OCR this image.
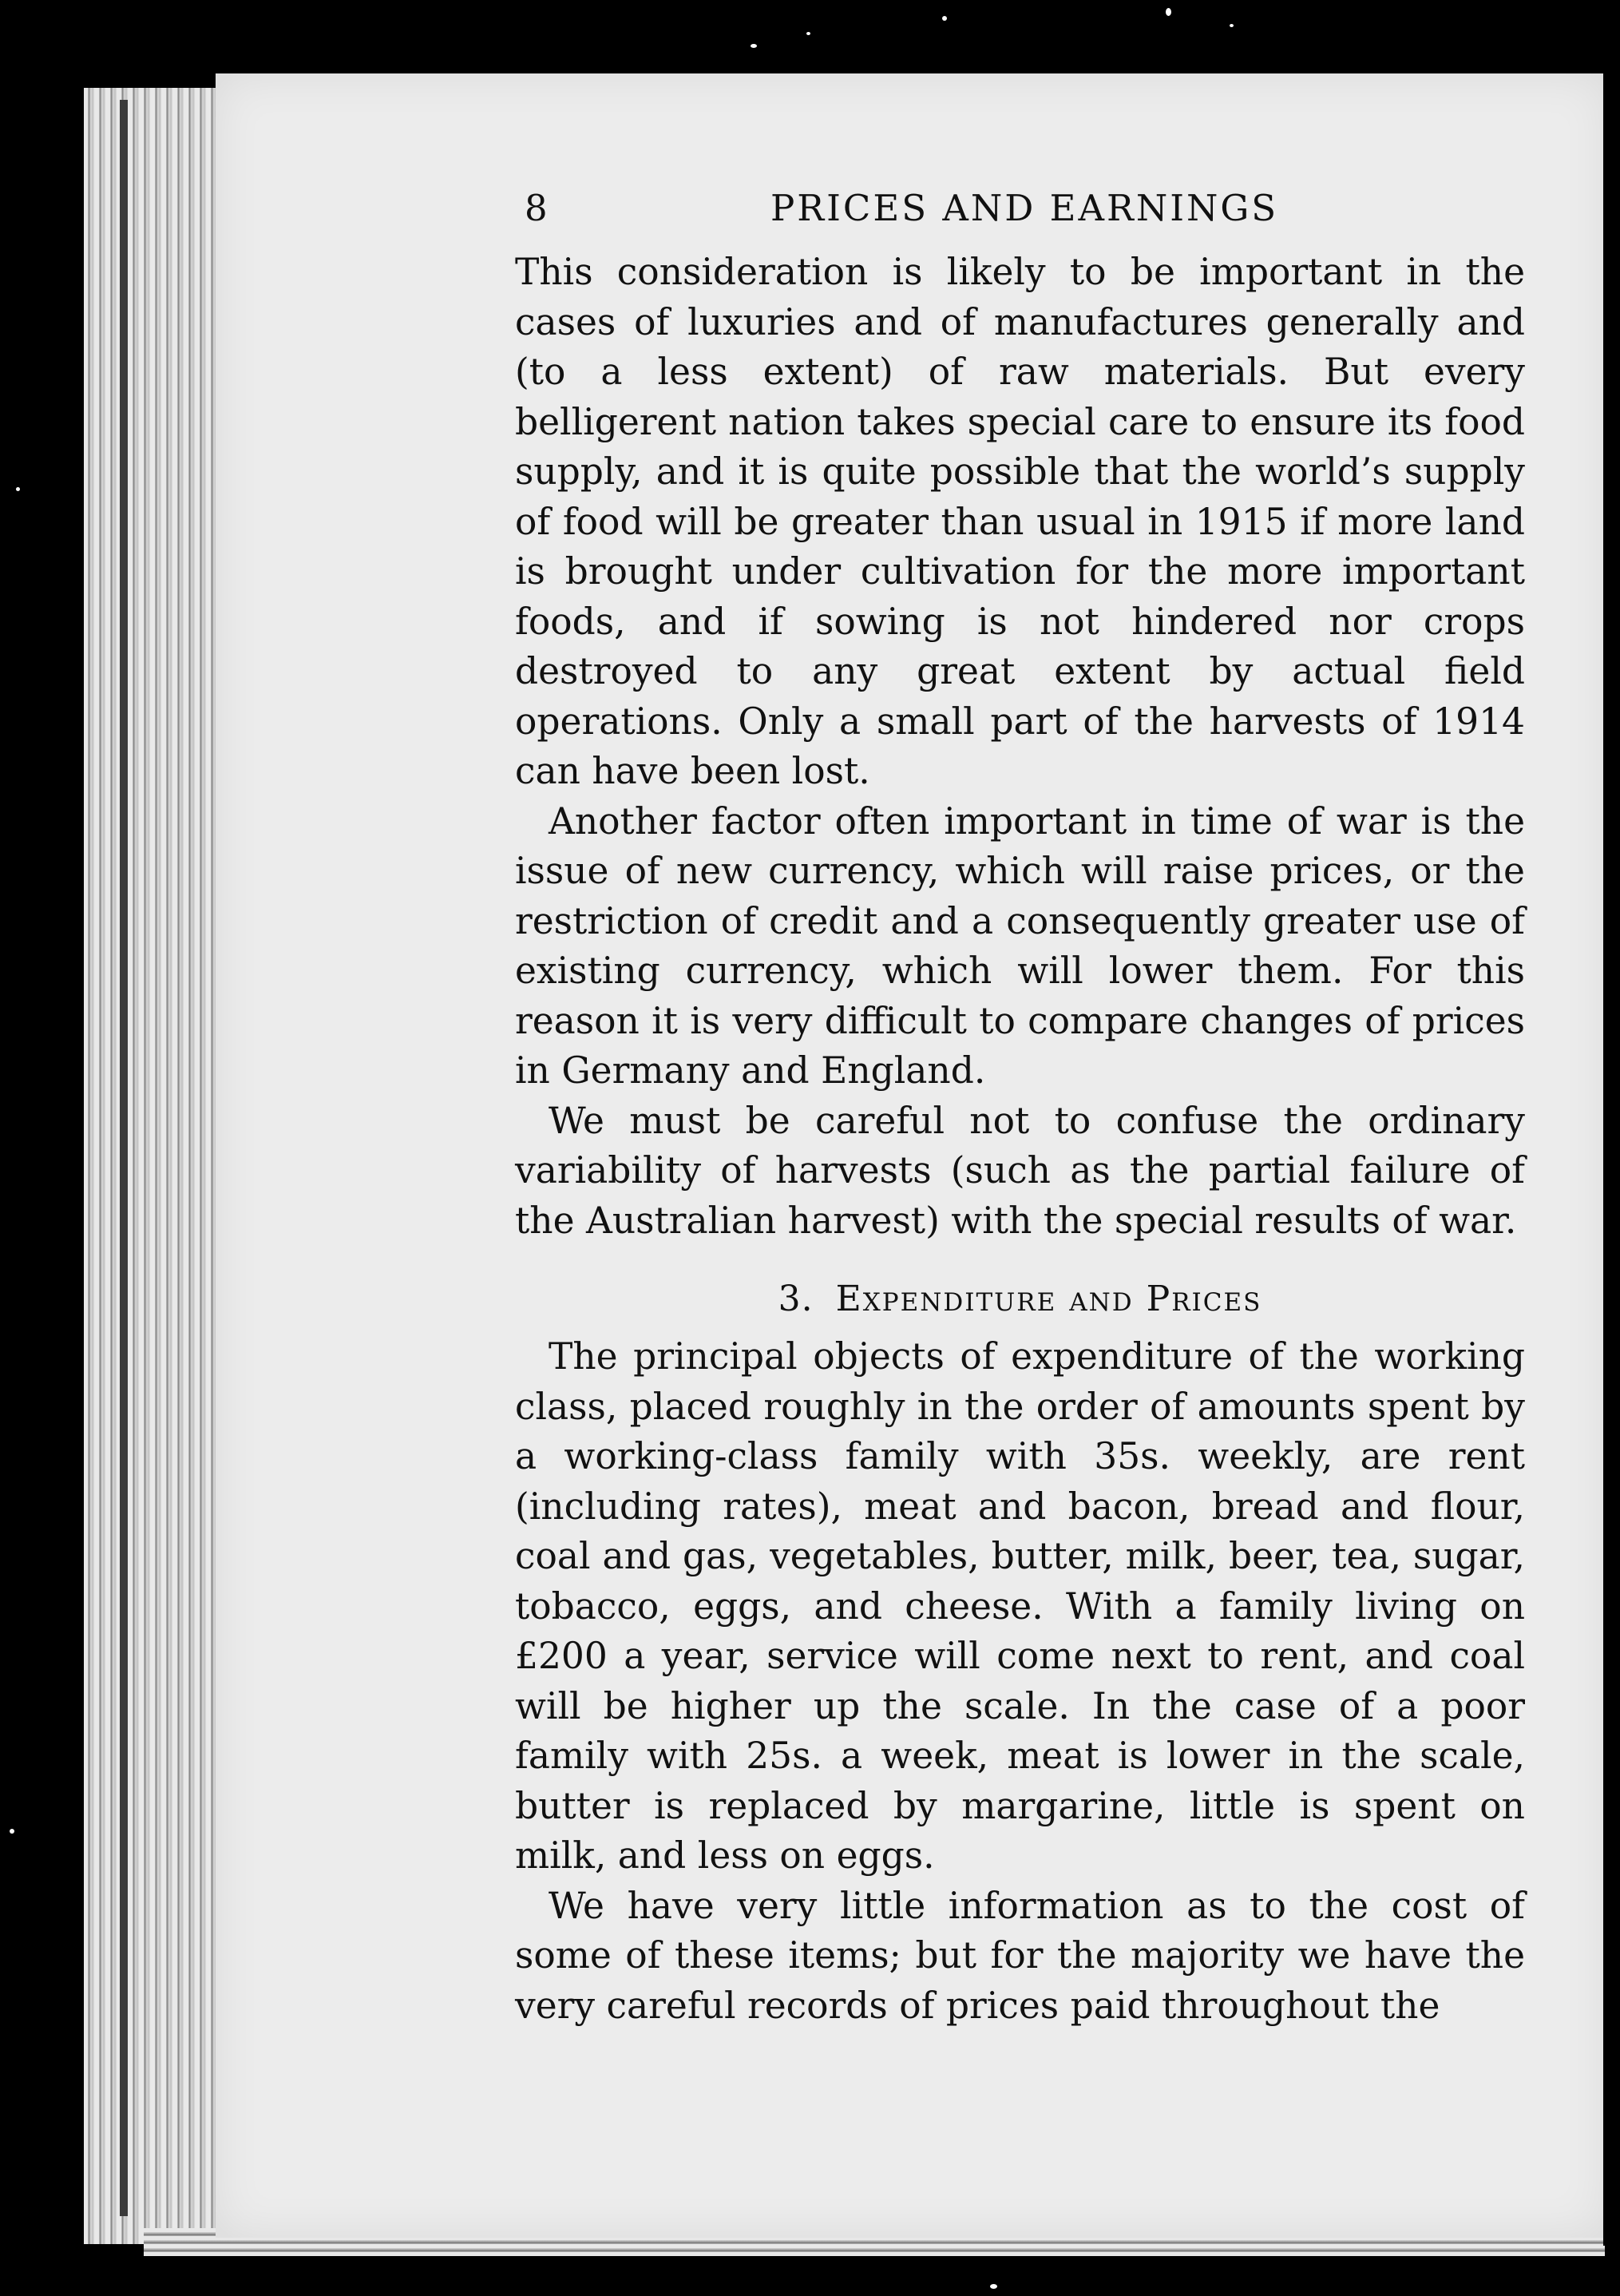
8	PRICES AND EARNINGS

This consideration is likely to be important in the cases of luxuries and of manufactures generally and (to a less extent) of raw materials. But every belligerent nation takes special care to ensure its food supply, and it is quite possible that the world’s supply of food will be greater than usual in 1915 if more land is brought under cultivation for the more important foods, and if sowing is not hindered nor crops destroyed to any great extent by actual field operations. Only a small part of the harvests of 1914 can have been lost.

Another factor often important in time of war is the issue of new currency, which will raise prices, or the restriction of credit and a consequently greater use of existing currency, which will lower them. For this reason it is very difficult to compare changes of prices in Germany and England.

We must be careful not to confuse the ordinary variability of harvests (such as the partial failure of the Australian harvest) with the special results of war.

3. Expenditure and Prices

The principal objects of expenditure of the working class, placed roughly in the order of amounts spent by a working-class family with 35s. weekly, are rent (including rates), meat and bacon, bread and flour, coal and gas, vegetables, butter, milk, beer, tea, sugar, tobacco, eggs, and cheese. With a family living on £200 a year, service will come next to rent, and coal will be higher up the scale. In the case of a poor family with 25s. a week, meat is lower in the scale, butter is replaced by margarine, little is spent on milk, and less on eggs.

We have very little information as to the cost of some of these items; but for the majority we have the very careful records of prices paid throughout the
